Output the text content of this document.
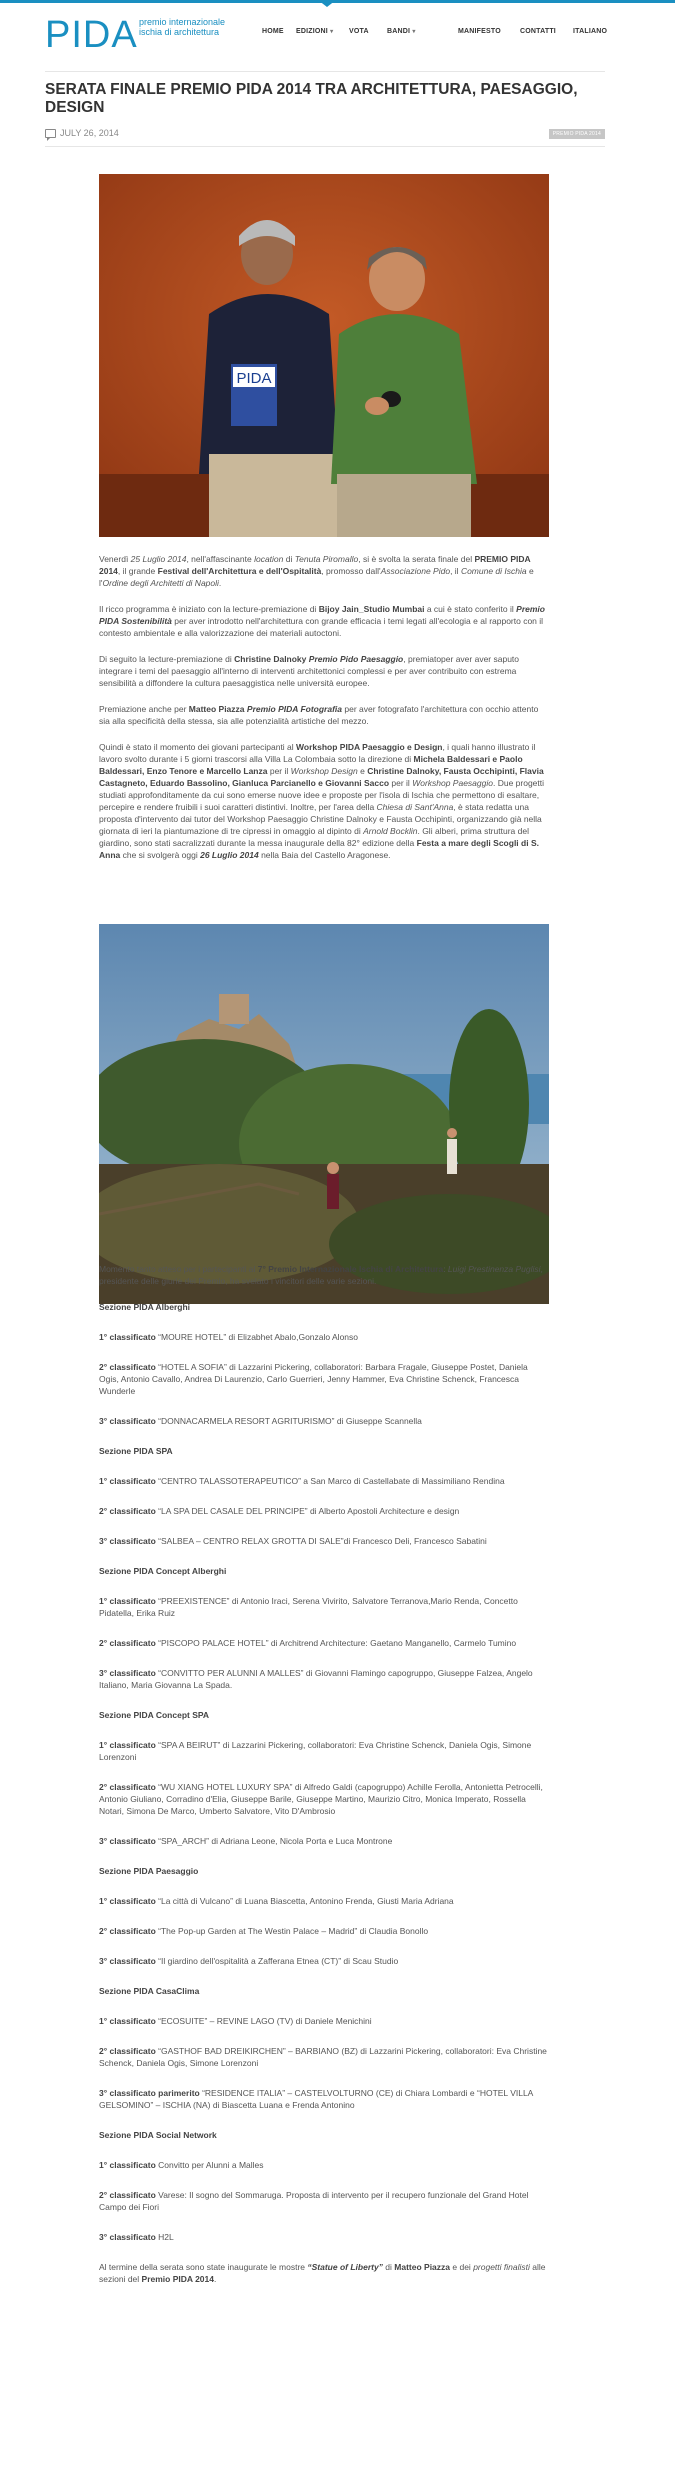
PIDA premio internazionale ischia di architettura	HOME EDIZIONI ▾ VOTA	BANDI ▾	MANIFESTO	CONTATTI ITALIANO
SERATA FINALE PREMIO PIDA 2014 TRA ARCHITETTURA, PAESAGGIO, DESIGN
JULY 26, 2014	PREMIO PIDA 2014
PIDA

Venerdì 25 Luglio 2014, nell'affascinante location di Tenuta Piromallo, si è svolta la serata finale del PREMIO PIDA 2014, il grande Festival dell'Architettura e dell'Ospitalità, promosso dall'Associazione Pido, il Comune di Ischia e l'Ordine degli Architetti di Napoli.

Il ricco programma è iniziato con la lecture-premiazione di Bijoy Jain_Studio Mumbai a cui è stato conferito il Premio PIDA Sostenibilità per aver introdotto nell'architettura con grande efficacia i temi legati all'ecologia e al rapporto con il contesto ambientale e alla valorizzazione dei materiali autoctoni.

Di seguito la lecture-premiazione di Christine Dalnoky Premio Pido Paesaggio, premiatoper aver aver saputo integrare i temi del paesaggio all'interno di interventi architettonici complessi e per aver contribuito con estrema sensibilità a diffondere la cultura paesaggistica nelle università europee.

Premiazione anche per Matteo Piazza Premio PIDA Fotografia per aver fotografato l'architettura con occhio attento sia alla specificità della stessa, sia alle potenzialità artistiche del mezzo.

Quindi è stato il momento dei giovani partecipanti al Workshop PIDA Paesaggio e Design, i quali hanno illustrato il lavoro svolto durante i 5 giorni trascorsi alla Villa La Colombaia sotto la direzione di Michela Baldessari e Paolo Baldessari, Enzo Tenore e Marcello Lanza per il Workshop Design e Christine Dalnoky, Fausta Occhipinti, Flavia Castagneto, Eduardo Bassolino, Gianluca Parcianello e Giovanni Sacco per il Workshop Paesaggio. Due progetti studiati approfonditamente da cui sono emerse nuove idee e proposte per l'isola di Ischia che permettono di esaltare, percepire e rendere fruibili i suoi caratteri distintivi. Inoltre, per l'area della Chiesa di Sant'Anna, è stata redatta una proposta d'intervento dai tutor del Workshop Paesaggio Christine Dalnoky e Fausta Occhipinti, organizzando già nella giornata di ieri la piantumazione di tre cipressi in omaggio al dipinto di Arnold Bocklin. Gli alberi, prima struttura del giardino, sono stati sacralizzati durante la messa inaugurale della 82° edizione della Festa a mare degli Scogli di S. Anna che si svolgerà oggi 26 Luglio 2014 nella Baia del Castello Aragonese.

Momento tanto atteso per i partecipanti al 7° Premio Internazionale Ischia di Architettura: Luigi Prestinenza Puglisi, presidente delle giurie del Premio, ha svelato i vincitori delle varie sezioni.

Sezione PIDA Alberghi

1° classificato “MOURE HOTEL” di Elizabhet Abalo,Gonzalo Alonso

2° classificato “HOTEL A SOFIA” di Lazzarini Pickering, collaboratori: Barbara Fragale, Giuseppe Postet, Daniela Ogis, Antonio Cavallo, Andrea Di Laurenzio, Carlo Guerrieri, Jenny Hammer, Eva Christine Schenck, Francesca Wunderle

3° classificato “DONNACARMELA RESORT AGRITURISMO” di Giuseppe Scannella

Sezione PIDA SPA

1° classificato “CENTRO TALASSOTERAPEUTICO” a San Marco di Castellabate di Massimiliano Rendina

2° classificato “LA SPA DEL CASALE DEL PRINCIPE” di Alberto Apostoli Architecture e design

3° classificato “SALBEA – CENTRO RELAX GROTTA DI SALE”di Francesco Deli, Francesco Sabatini

Sezione PIDA Concept Alberghi

1° classificato “PREEXISTENCE” di Antonio Iraci, Serena Vivirito, Salvatore Terranova,Mario Renda, Concetto Pidatella, Erika Ruiz

2° classificato “PISCOPO PALACE HOTEL” di Architrend Architecture: Gaetano Manganello, Carmelo Tumino

3° classificato “CONVITTO PER ALUNNI A MALLES” di Giovanni Flamingo capogruppo, Giuseppe Falzea, Angelo Italiano, Maria Giovanna La Spada.

Sezione PIDA Concept SPA

1° classificato “SPA A BEIRUT” di Lazzarini Pickering, collaboratori: Eva Christine Schenck, Daniela Ogis, Simone Lorenzoni

2° classificato “WU XIANG HOTEL LUXURY SPA” di Alfredo Galdi (capogruppo) Achille Ferolla, Antonietta Petrocelli, Antonio Giuliano, Corradino d'Elia, Giuseppe Barile, Giuseppe Martino, Maurizio Citro, Monica Imperato, Rossella Notari, Simona De Marco, Umberto Salvatore, Vito D'Ambrosio

3° classificato “SPA_ARCH” di Adriana Leone, Nicola Porta e Luca Montrone

Sezione PIDA Paesaggio

1° classificato “La città di Vulcano” di Luana Biascetta, Antonino Frenda, Giusti Maria Adriana

2° classificato “The Pop-up Garden at The Westin Palace – Madrid” di Claudia Bonollo

3° classificato “Il giardino dell'ospitalità a Zafferana Etnea (CT)” di Scau Studio

Sezione PIDA CasaClima

1° classificato “ECOSUITE” – REVINE LAGO (TV) di Daniele Menichini

2° classificato “GASTHOF BAD DREIKIRCHEN” – BARBIANO (BZ) di Lazzarini Pickering, collaboratori: Eva Christine Schenck, Daniela Ogis, Simone Lorenzoni

3° classificato parimerito “RESIDENCE ITALIA” – CASTELVOLTURNO (CE) di Chiara Lombardi e “HOTEL VILLA GELSOMINO” – ISCHIA (NA) di Biascetta Luana e Frenda Antonino

Sezione PIDA Social Network

1° classificato Convitto per Alunni a Malles

2° classificato Varese: Il sogno del Sommaruga. Proposta di intervento per il recupero funzionale del Grand Hotel Campo dei Fiori

3° classificato H2L

Al termine della serata sono state inaugurate le mostre “Statue of Liberty” di Matteo Piazza e dei progetti finalisti alle sezioni del Premio PIDA 2014.
